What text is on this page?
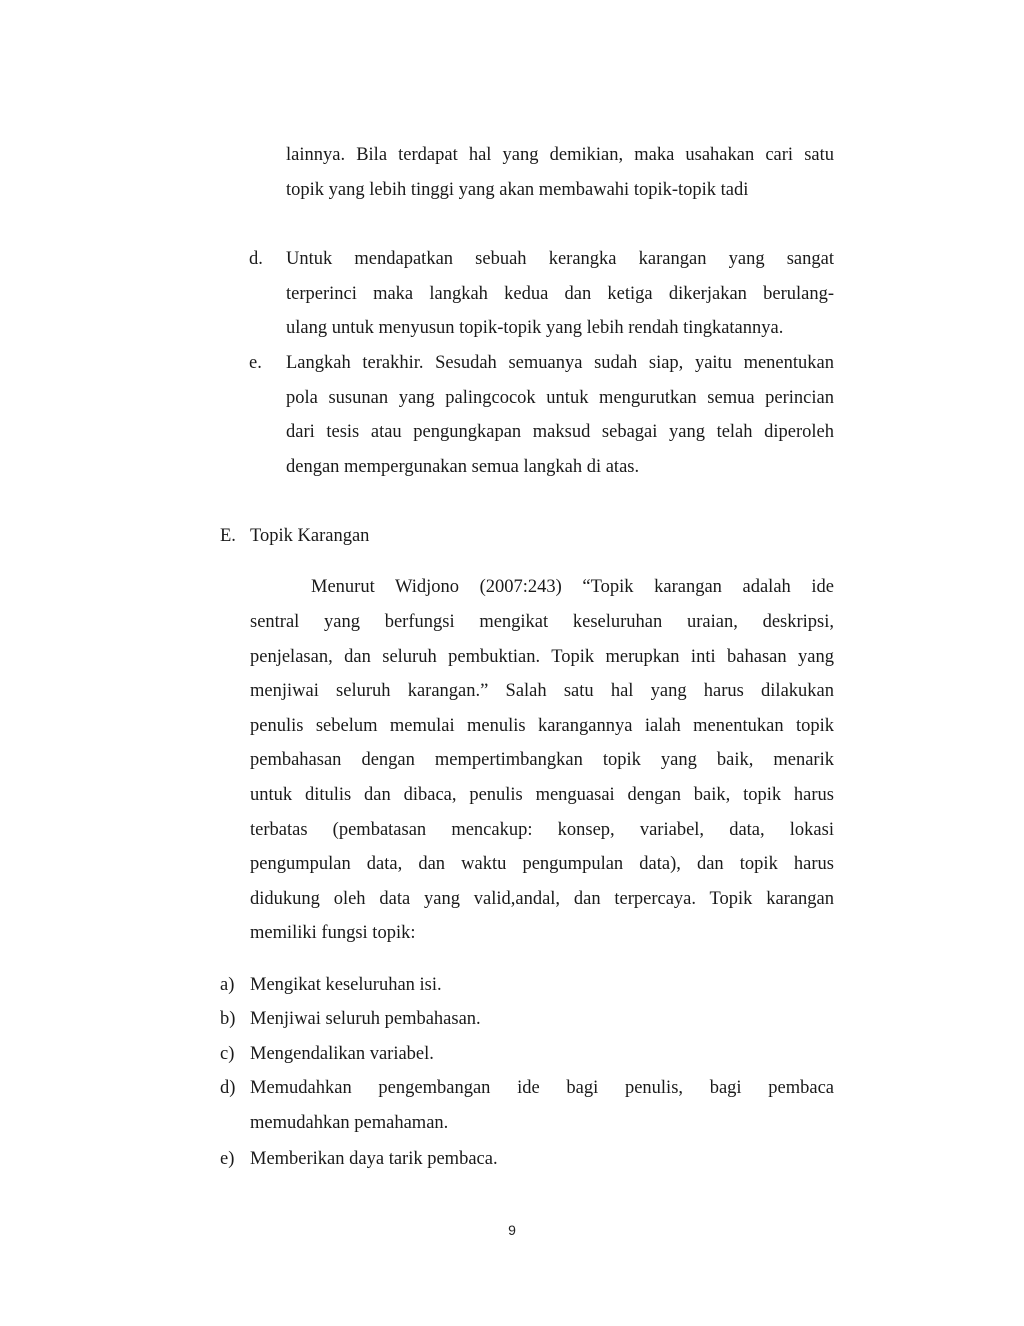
lainnya. Bila terdapat hal yang demikian, maka usahakan cari satu
topik yang lebih tinggi yang akan membawahi topik-topik tadi
d. Untuk mendapatkan sebuah kerangka karangan yang sangat
terperinci maka langkah kedua dan ketiga dikerjakan berulang-
ulang untuk menyusun topik-topik yang lebih rendah tingkatannya.
e. Langkah terakhir. Sesudah semuanya sudah siap, yaitu menentukan
pola susunan yang palingcocok untuk mengurutkan semua perincian
dari tesis atau pengungkapan maksud sebagai yang telah diperoleh
dengan mempergunakan semua langkah di atas.
E. Topik Karangan
Menurut Widjono (2007:243) “Topik karangan adalah ide
sentral yang berfungsi mengikat keseluruhan uraian, deskripsi,
penjelasan, dan seluruh pembuktian. Topik merupkan inti bahasan yang
menjiwai seluruh karangan.” Salah satu hal yang harus dilakukan
penulis sebelum memulai menulis karangannya ialah menentukan topik
pembahasan dengan mempertimbangkan topik yang baik, menarik
untuk ditulis dan dibaca, penulis menguasai dengan baik, topik harus
terbatas (pembatasan mencakup: konsep, variabel, data, lokasi
pengumpulan data, dan waktu pengumpulan data), dan topik harus
didukung oleh data yang valid,andal, dan terpercaya. Topik karangan
memiliki fungsi topik:
a) Mengikat keseluruhan isi.
b) Menjiwai seluruh pembahasan.
c) Mengendalikan variabel.
d) Memudahkan pengembangan ide bagi penulis, bagi pembaca
memudahkan pemahaman.
e) Memberikan daya tarik pembaca.
9
